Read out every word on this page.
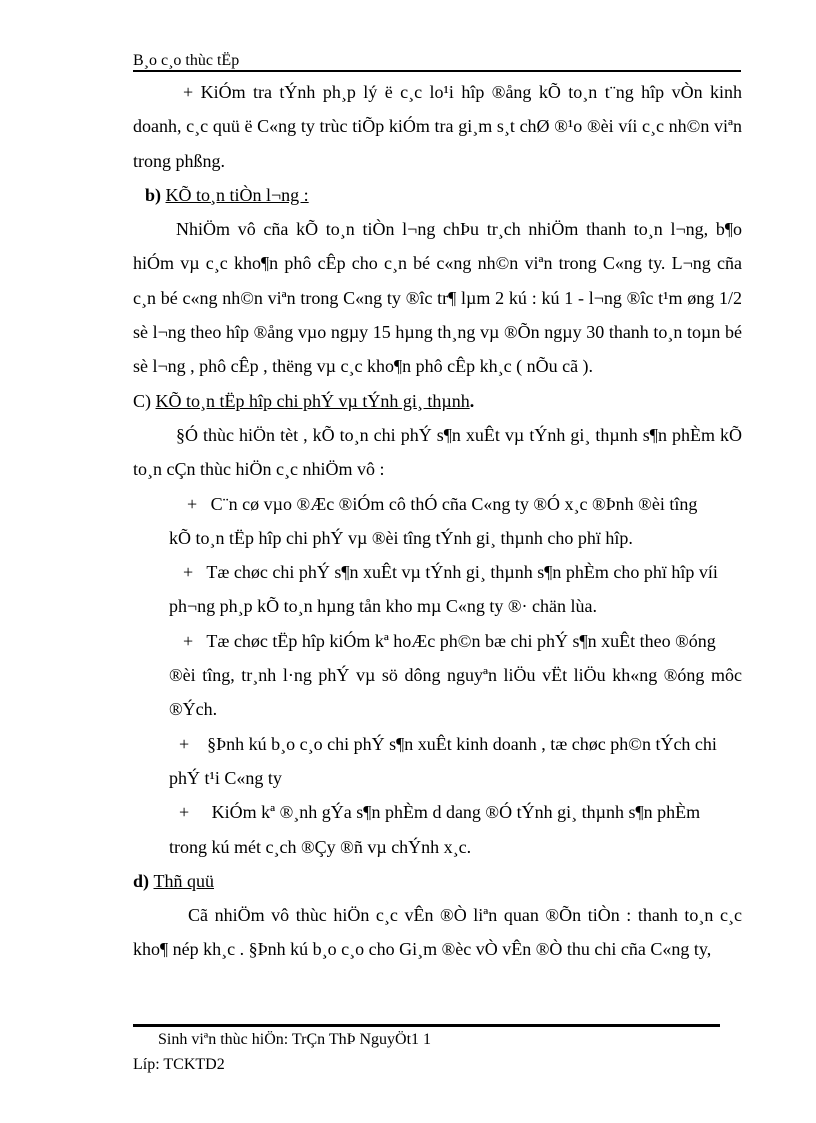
B¸o c¸o thùc tËp

+ KiÓm tra tÝnh ph¸p lý ë c¸c lo¹i hîp ®ång kÕ to¸n t¨ng hîp vÒn kinh doanh, c¸c quü ë C«ng ty trùc tiÕp kiÓm tra gi¸m s¸t chØ ®¹o ®èi víi c¸c nh©n viªn trong phßng.

b) KÕ to¸n tiÒn l¬ng :

NhiÖm vô cña kÕ to¸n tiÒn l¬ng chÞu tr¸ch nhiÖm thanh to¸n l¬ng, b¶o hiÓm vµ c¸c kho¶n phô cÊp cho c¸n bé c«ng nh©n viªn trong C«ng ty. L¬ng cña c¸n bé c«ng nh©n viªn trong C«ng ty ®îc tr¶ lµm 2 kú : kú 1 - l¬ng ®îc t¹m øng 1/2 sè l¬ng theo hîp ®ång vµo ngµy 15 hµng th¸ng vµ ®Õn ngµy 30 thanh to¸n toµn bé sè l¬ng , phô cÊp , thëng vµ c¸c kho¶n phô cÊp kh¸c ( nÕu cã ).

C) KÕ to¸n tËp hîp chi phÝ vµ tÝnh gi¸ thµnh.

§Ó thùc hiÖn tèt , kÕ to¸n chi phÝ s¶n xuÊt vµ tÝnh gi¸ thµnh s¶n phÈm kÕ to¸n cÇn thùc hiÖn c¸c nhiÖm vô :

+ C¨n cø vµo ®Æc ®iÓm cô thÓ cña C«ng ty ®Ó x¸c ®Þnh ®èi tîng
kÕ to¸n tËp hîp chi phÝ vµ ®èi tîng tÝnh gi¸ thµnh cho phï hîp.
+ Tæ chøc chi phÝ s¶n xuÊt vµ tÝnh gi¸ thµnh s¶n phÈm cho phï hîp víi
ph¬ng ph¸p kÕ to¸n hµng tån kho mµ C«ng ty ®· chän lùa.
+ Tæ chøc tËp hîp kiÓm kª hoÆc ph©n bæ chi phÝ s¶n xuÊt theo ®óng
®èi tîng, tr¸nh l·ng phÝ vµ sö dông nguyªn liÖu vËt liÖu kh«ng ®óng môc ®Ých.
+ §Þnh kú b¸o c¸o chi phÝ s¶n xuÊt kinh doanh , tæ chøc ph©n tÝch chi
phÝ t¹i C«ng ty
+ KiÓm kª ®¸nh gÝa s¶n phÈm d dang ®Ó tÝnh gi¸ thµnh s¶n phÈm
trong kú mét c¸ch ®Çy ®ñ vµ chÝnh x¸c.

d) Thñ quü

Cã nhiÖm vô thùc hiÖn c¸c vÊn ®Ò liªn quan ®Õn tiÒn : thanh to¸n c¸c kho¶ nép kh¸c . §Þnh kú b¸o c¸o cho Gi¸m ®èc vÒ vÊn ®Ò thu chi cña C«ng ty,

Sinh viªn thùc hiÖn: TrÇn ThÞ NguyÖt1 1
Líp: TCKTD2
